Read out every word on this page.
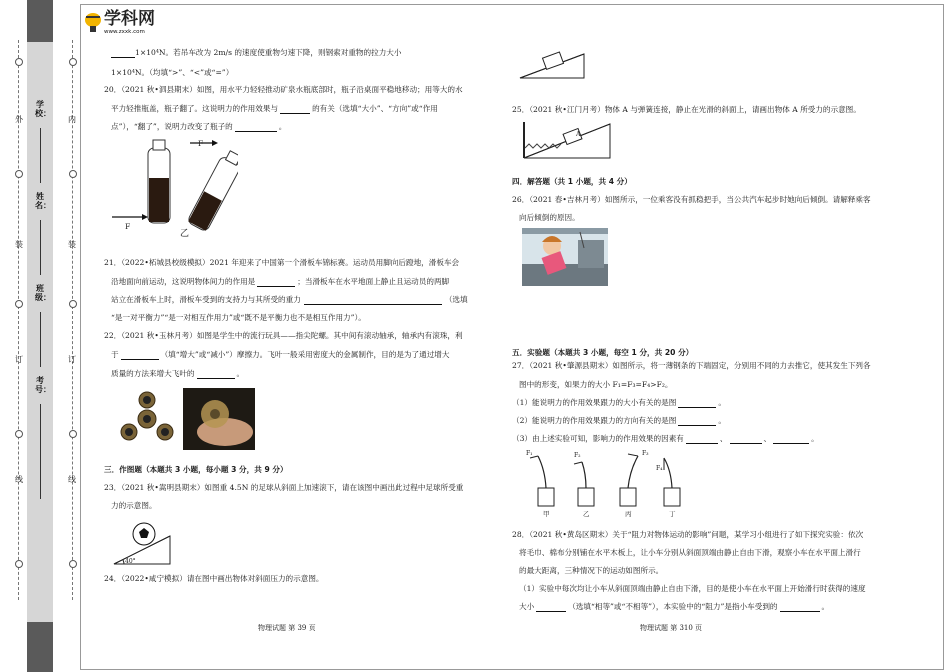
外
装
订
线
内
装
订
线
学校：
姓名：
班级：
考号：
学科网
www.zxxk.com
1×10⁴N。若吊车改为 2m/s 的速度使重物匀速下降，则钢索对重物的拉力大小
1×10⁴N。（均填“>”、“<”或“=”）
20．（2021 秋•泗县期末）如图，用水平力轻轻推动矿泉水瓶底部时，瓶子沿桌面平稳地移动；用等大的水
平力轻推瓶盖，瓶子翻了。这说明力的作用效果与	的有关（选填“大小”、“方向”或“作用
点”），“翻了”，说明力改变了瓶子的	。
F
F
乙
21．（2022•柘城县校级模拟）2021 年迎来了中国第一个滑板车锦标赛。运动员用脚向后蹬地，滑板车会
沿地面向前运动，这说明物体间力的作用是	；当滑板车在水平地面上静止且运动员的两脚
站立在滑板车上时，滑板车受到的支持力与其所受的重力	（选填
“是一对平衡力”“是一对相互作用力”或“既不是平衡力也不是相互作用力”）。
22．（2021 秋•玉林月考）如图是学生中的流行玩具——指尖陀螺。其中间有滚动轴承，轴承内有滚珠，利
于	（填“增大”或“减小”）摩擦力。飞叶一般采用密度大的金属制作，目的是为了通过增大
质量的方法来增大飞叶的	。
三．作图题（本题共 3 小题，每小题 3 分，共 9 分）
23．（2021 秋•嵩明县期末）如图重 4.5N 的足球从斜面上加速滚下，请在该图中画出此过程中足球所受重
力的示意图。
40°
24．（2022•咸宁模拟）请在图中画出物体对斜面压力的示意图。
物理试题 第 39 页
25．（2021 秋•江门月考）物体 A 与弹簧连接，静止在光滑的斜面上，请画出物体 A 所受力的示意图。
A
四．解答题（共 1 小题，共 4 分）
26．（2021 春•吉林月考）如图所示，一位乘客没有抓稳把手，当公共汽车起步时她向后倾倒。请解释乘客
向后倾倒的原因。
五．实验题（本题共 3 小题，每空 1 分，共 20 分）
27．（2021 秋•肇源县期末）如图所示，将一薄钢条的下端固定，分别用不同的力去推它，使其发生下列各
图中的形变，如果力的大小 F₁=F₃=F₄>F₂。
（1）能说明力的作用效果跟力的大小有关的是图	。
（2）能说明力的作用效果跟力的方向有关的是图	。
（3）由上述实验可知，影响力的作用效果的因素有	、	、	。
F₁	F₂	F₃
F₄
甲	乙	丙	丁
28．（2021 秋•黄岛区期末）关于“阻力对物体运动的影响”问题，某学习小组进行了如下探究实验：依次
将毛巾、棉布分别铺在水平木板上，让小车分别从斜面顶端由静止自由下滑，观察小车在水平面上滑行
的最大距离，三种情况下的运动如图所示。
（1）实验中每次均让小车从斜面顶端由静止自由下滑，目的是使小车在水平面上开始滑行时获得的速度
大小	（选填“相等”或“不相等”），本实验中的“阻力”是指小车受到的	。
物理试题 第 310 页
